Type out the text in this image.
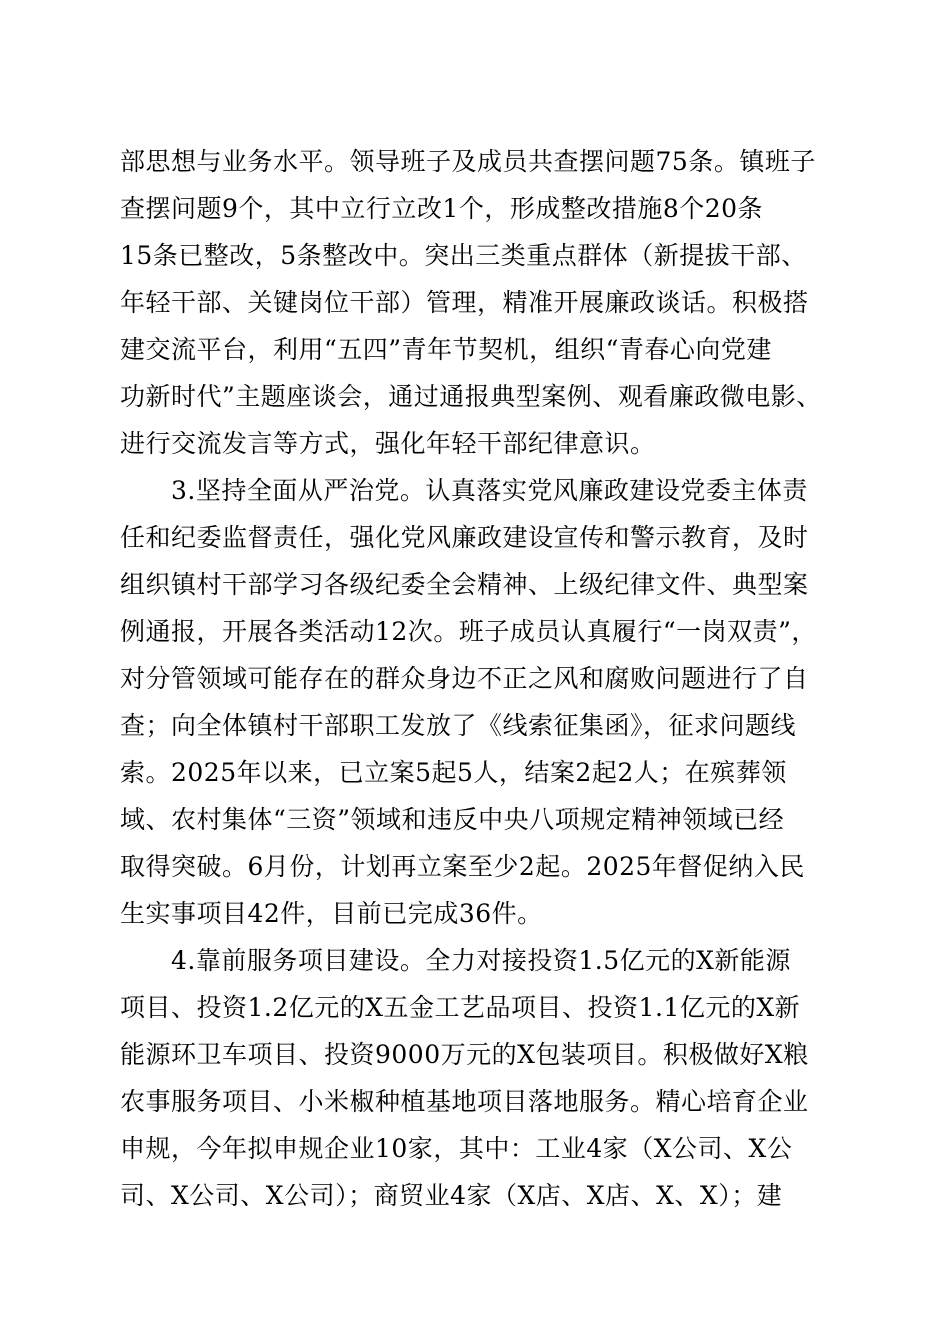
部思想与业务水平。领导班子及成员共查摆问题75条。镇班子
查摆问题9个，其中立行立改1个，形成整改措施8个20条
15条已整改，5条整改中。突出三类重点群体（新提拔干部、
年轻干部、关键岗位干部）管理，精准开展廉政谈话。积极搭
建交流平台，利用“五四”青年节契机，组织“青春心向党建
功新时代”主题座谈会，通过通报典型案例、观看廉政微电影、
进行交流发言等方式，强化年轻干部纪律意识。
　　3.坚持全面从严治党。认真落实党风廉政建设党委主体责
任和纪委监督责任，强化党风廉政建设宣传和警示教育，及时
组织镇村干部学习各级纪委全会精神、上级纪律文件、典型案
例通报，开展各类活动12次。班子成员认真履行“一岗双责”，
对分管领域可能存在的群众身边不正之风和腐败问题进行了自
查；向全体镇村干部职工发放了《线索征集函》，征求问题线
索。2025年以来，已立案5起5人，结案2起2人；在殡葬领
域、农村集体“三资”领域和违反中央八项规定精神领域已经
取得突破。6月份，计划再立案至少2起。2025年督促纳入民
生实事项目42件，目前已完成36件。
　　4.靠前服务项目建设。全力对接投资1.5亿元的X新能源
项目、投资1.2亿元的X五金工艺品项目、投资1.1亿元的X新
能源环卫车项目、投资9000万元的X包装项目。积极做好X粮
农事服务项目、小米椒种植基地项目落地服务。精心培育企业
申规，今年拟申规企业10家，其中：工业4家（X公司、X公
司、X公司、X公司）；商贸业4家（X店、X店、X、X）；建
